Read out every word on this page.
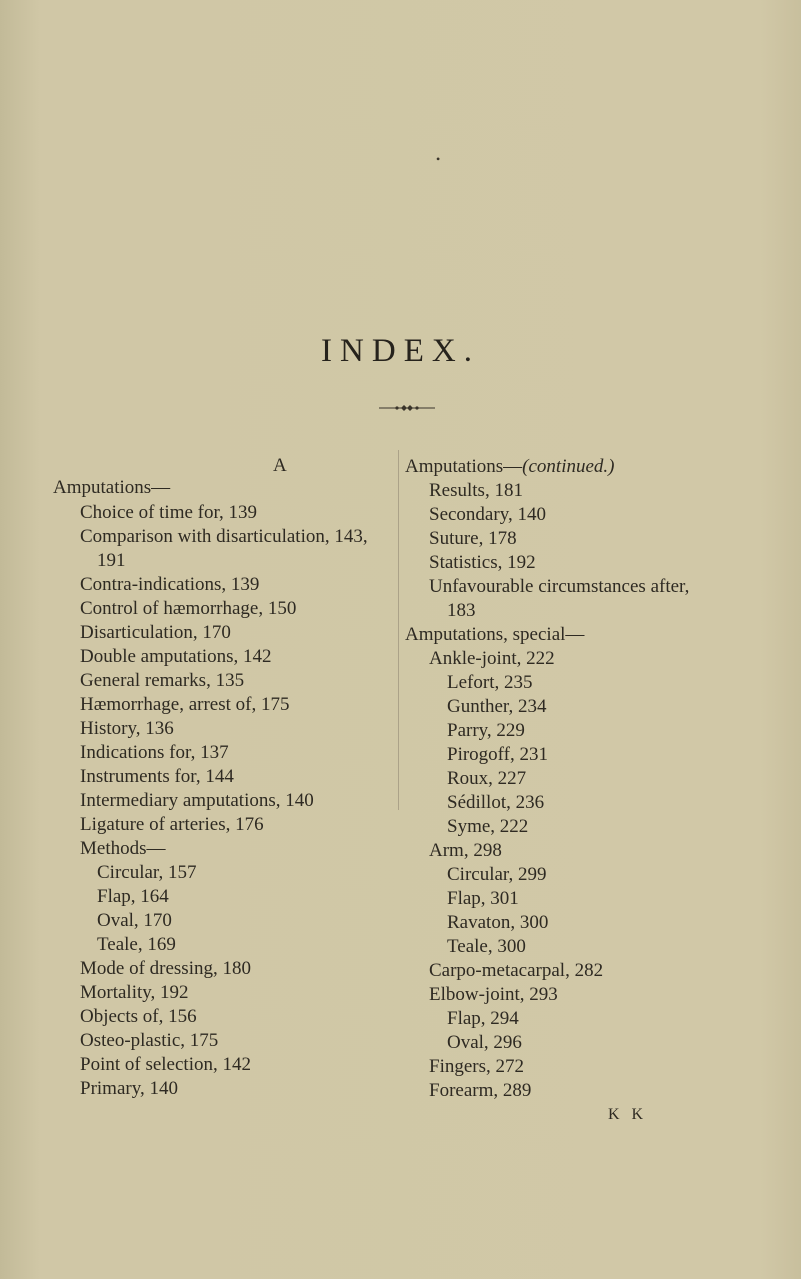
•
INDEX.
A
Amputations—
Choice of time for, 139
Comparison with disarticulation, 143,
191
Contra-indications, 139
Control of hæmorrhage, 150
Disarticulation, 170
Double amputations, 142
General remarks, 135
Hæmorrhage, arrest of, 175
History, 136
Indications for, 137
Instruments for, 144
Intermediary amputations, 140
Ligature of arteries, 176
Methods—
Circular, 157
Flap, 164
Oval, 170
Teale, 169
Mode of dressing, 180
Mortality, 192
Objects of, 156
Osteo-plastic, 175
Point of selection, 142
Primary, 140
Amputations—(continued.)
Results, 181
Secondary, 140
Suture, 178
Statistics, 192
Unfavourable circumstances after,
183
Amputations, special—
Ankle-joint, 222
Lefort, 235
Gunther, 234
Parry, 229
Pirogoff, 231
Roux, 227
Sédillot, 236
Syme, 222
Arm, 298
Circular, 299
Flap, 301
Ravaton, 300
Teale, 300
Carpo-metacarpal, 282
Elbow-joint, 293
Flap, 294
Oval, 296
Fingers, 272
Forearm, 289
K K
